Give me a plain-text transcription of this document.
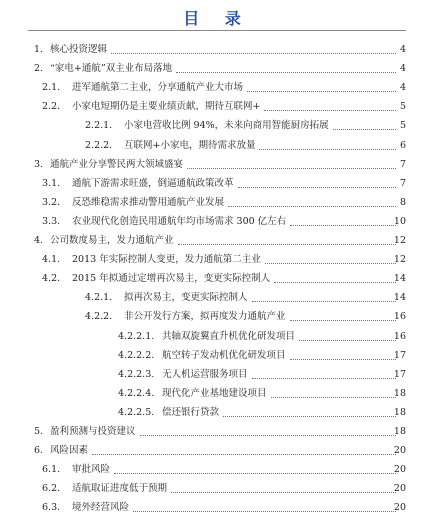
目 录
1. 核心投资逻辑	4
2. “家电+通航”双主业布局落地	4
2.1. 进军通航第二主业，分享通航产业大市场	4
2.2. 小家电短期仍是主要业绩贡献，期待互联网+	5
2.2.1. 小家电营收比例 94%，未来向商用智能厨房拓展	5
2.2.2. 互联网+小家电，期待需求放量	6
3. 通航产业分享警民两大领域盛宴	7
3.1. 通航下游需求旺盛，倒逼通航政策改革	7
3.2. 反恐维稳需求推动警用通航产业发展	8
3.3. 农业现代化创造民用通航年均市场需求 300 亿左右	10
4. 公司数度易主，发力通航产业	12
4.1. 2013 年实际控制人变更，发力通航第二主业	12
4.2. 2015 年拟通过定增再次易主，变更实际控制人	14
4.2.1. 拟再次易主，变更实际控制人	14
4.2.2. 非公开发行方案，拟再度发力通航产业	16
4.2.2.1. 共轴双旋翼直升机优化研发项目	16
4.2.2.2. 航空转子发动机优化研发项目	17
4.2.2.3. 无人机运营服务项目	17
4.2.2.4. 现代化产业基地建设项目	18
4.2.2.5. 偿还银行贷款	18
5. 盈利预测与投资建议	18
6. 风险因素	20
6.1. 审批风险	20
6.2. 适航取证进度低于预期	20
6.3. 境外经营风险	20
